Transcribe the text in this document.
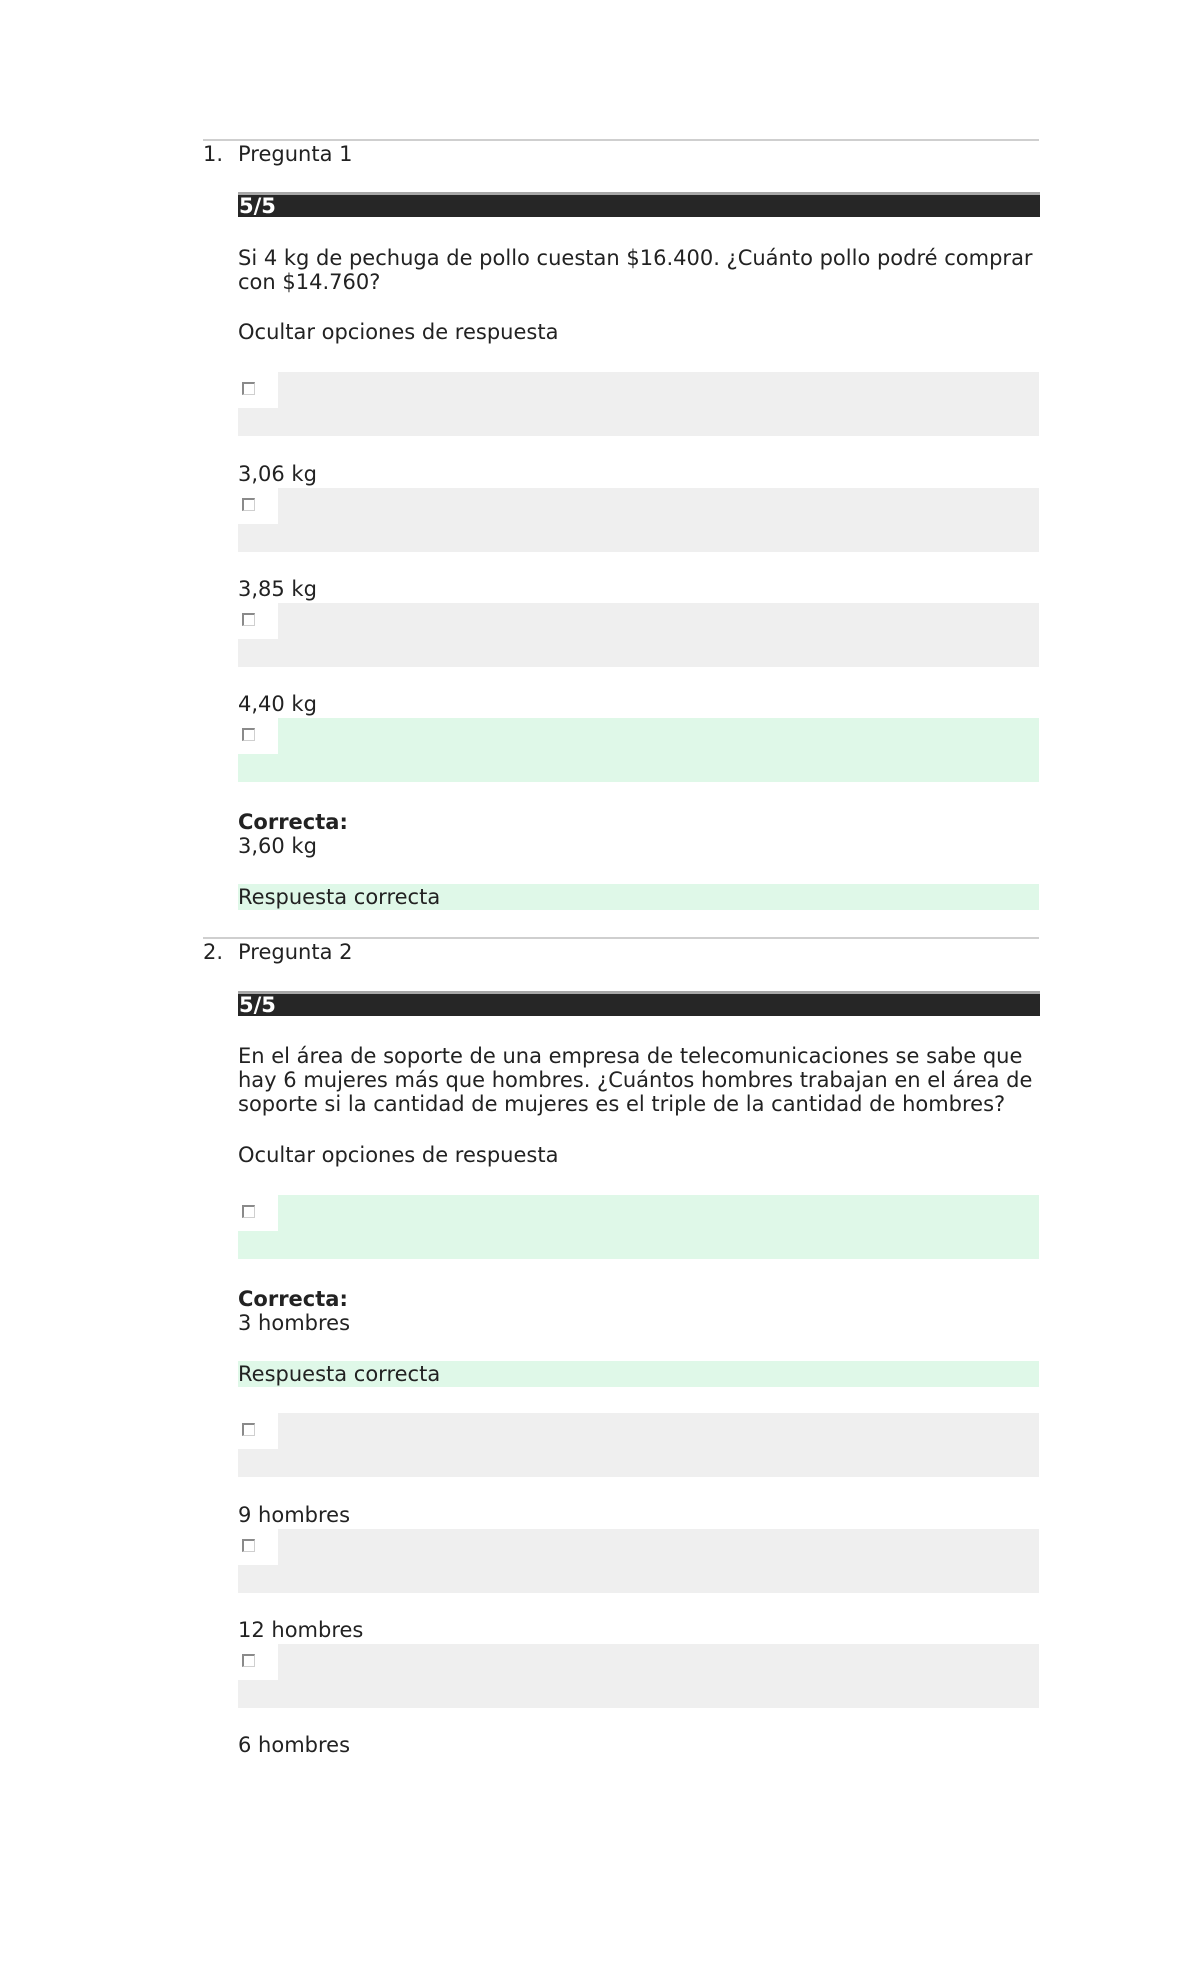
1. Pregunta 1
5/5
Si 4 kg de pechuga de pollo cuestan $16.400. ¿Cuánto pollo podré comprar con $14.760?
Ocultar opciones de respuesta
3,06 kg
3,85 kg
4,40 kg
Correcta:
3,60 kg
Respuesta correcta
2. Pregunta 2
5/5
En el área de soporte de una empresa de telecomunicaciones se sabe que hay 6 mujeres más que hombres. ¿Cuántos hombres trabajan en el área de soporte si la cantidad de mujeres es el triple de la cantidad de hombres?
Ocultar opciones de respuesta
Correcta:
3 hombres
Respuesta correcta
9 hombres
12 hombres
6 hombres
